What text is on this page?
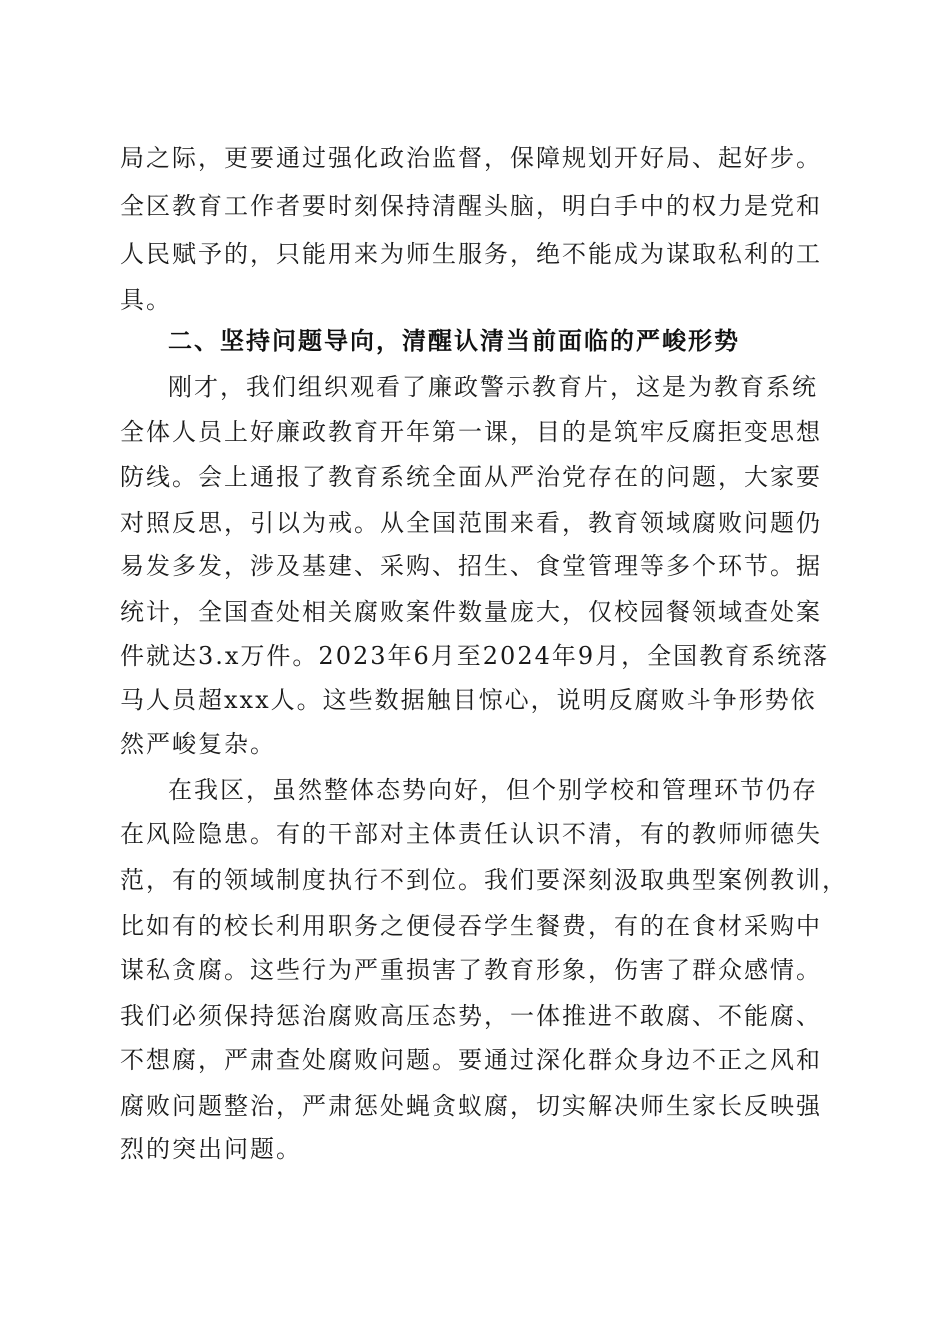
局之际，更要通过强化政治监督，保障规划开好局、起好步。
全区教育工作者要时刻保持清醒头脑，明白手中的权力是党和
人民赋予的，只能用来为师生服务，绝不能成为谋取私利的工
具。
二、坚持问题导向，清醒认清当前面临的严峻形势
刚才，我们组织观看了廉政警示教育片，这是为教育系统
全体人员上好廉政教育开年第一课，目的是筑牢反腐拒变思想
防线。会上通报了教育系统全面从严治党存在的问题，大家要
对照反思，引以为戒。从全国范围来看，教育领域腐败问题仍
易发多发，涉及基建、采购、招生、食堂管理等多个环节。据
统计，全国查处相关腐败案件数量庞大，仅校园餐领域查处案
件就达3.x万件。2023年6月至2024年9月，全国教育系统落
马人员超xxx人。这些数据触目惊心，说明反腐败斗争形势依
然严峻复杂。
在我区，虽然整体态势向好，但个别学校和管理环节仍存
在风险隐患。有的干部对主体责任认识不清，有的教师师德失
范，有的领域制度执行不到位。我们要深刻汲取典型案例教训，
比如有的校长利用职务之便侵吞学生餐费，有的在食材采购中
谋私贪腐。这些行为严重损害了教育形象，伤害了群众感情。
我们必须保持惩治腐败高压态势，一体推进不敢腐、不能腐、
不想腐，严肃查处腐败问题。要通过深化群众身边不正之风和
腐败问题整治，严肃惩处蝇贪蚁腐，切实解决师生家长反映强
烈的突出问题。
